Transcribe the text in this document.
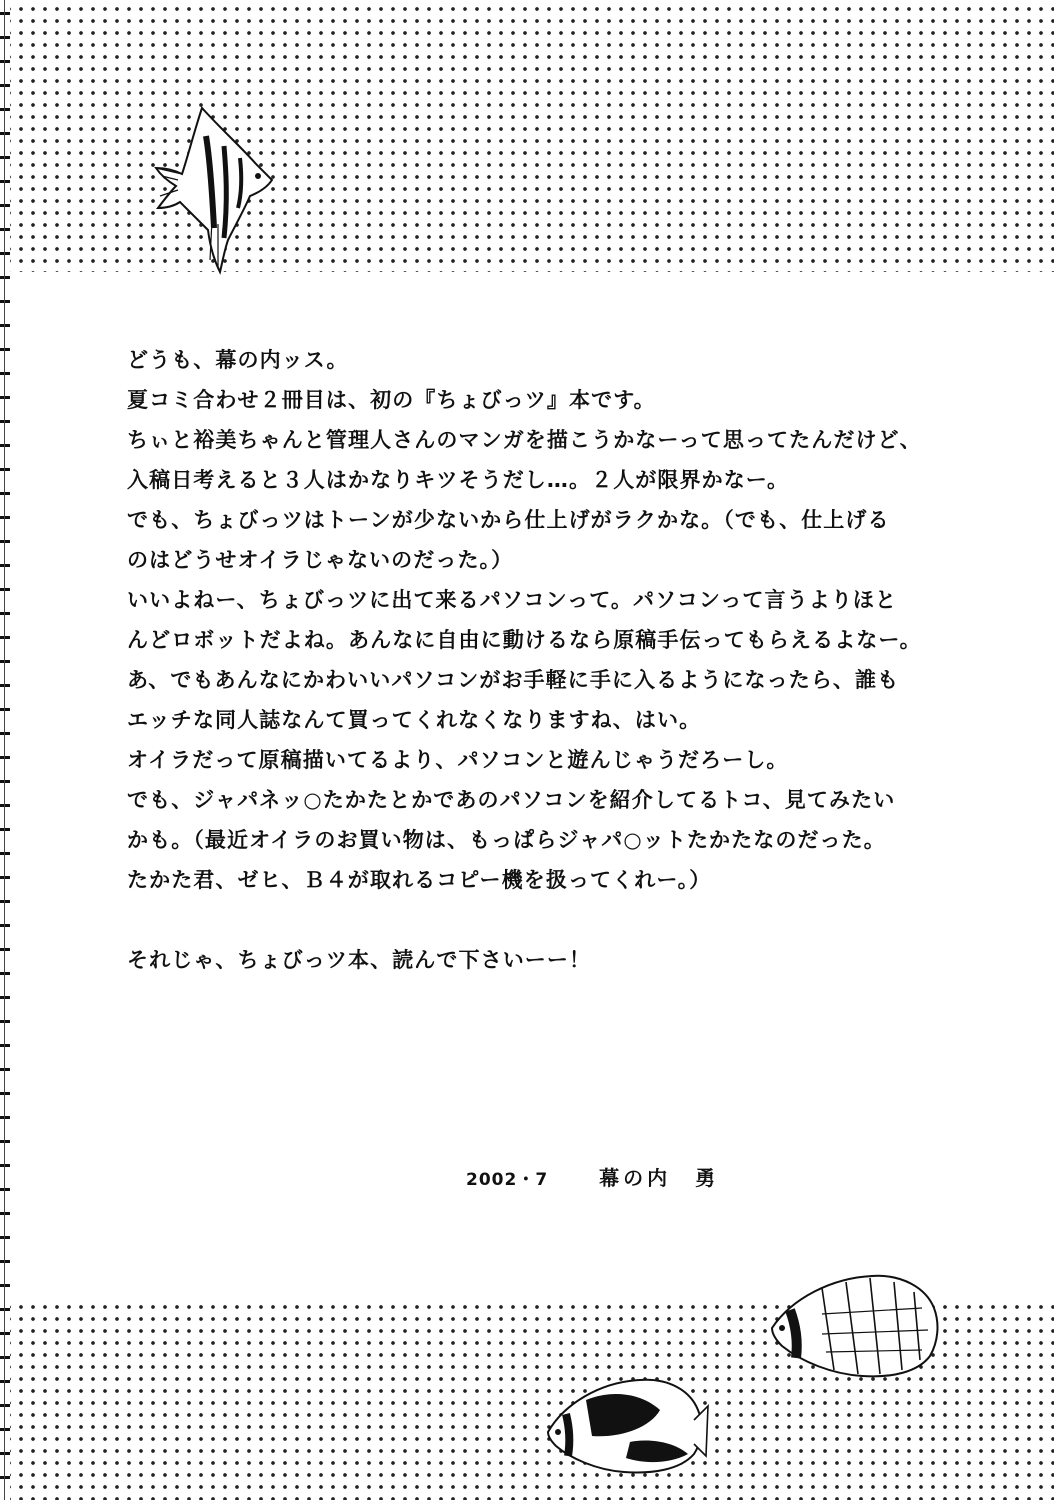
どうも、幕の内ッス。
夏コミ合わせ２冊目は、初の『ちょびっツ』本です。
ちぃと裕美ちゃんと管理人さんのマンガを描こうかなーって思ってたんだけど、
入稿日考えると３人はかなりキツそうだし…。２人が限界かなー。
でも、ちょびっツはトーンが少ないから仕上げがラクかな。（でも、仕上げる
のはどうせオイラじゃないのだった。）
いいよねー、ちょびっツに出て来るパソコンって。パソコンって言うよりほと
んどロボットだよね。あんなに自由に動けるなら原稿手伝ってもらえるよなー。
あ、でもあんなにかわいいパソコンがお手軽に手に入るようになったら、誰も
エッチな同人誌なんて買ってくれなくなりますね、はい。
オイラだって原稿描いてるより、パソコンと遊んじゃうだろーし。
でも、ジャパネッ○たかたとかであのパソコンを紹介してるトコ、見てみたい
かも。（最近オイラのお買い物は、もっぱらジャパ○ットたかたなのだった。
たかた君、ゼヒ、Ｂ４が取れるコピー機を扱ってくれー。）
それじゃ、ちょびっツ本、読んで下さいーー！
2002・7	幕の内　勇
